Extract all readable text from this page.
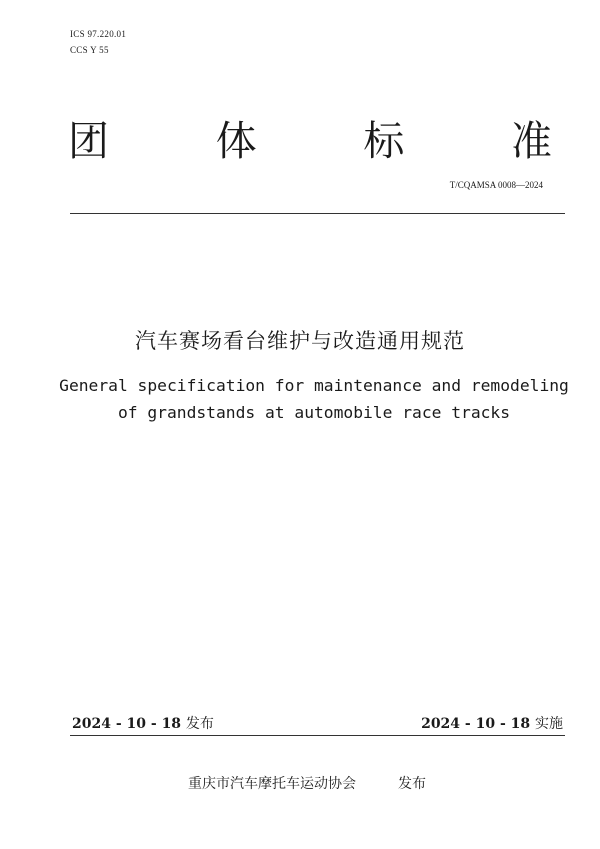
ICS 97.220.01
CCS Y 55
团	体	标	准
T/CQAMSA 0008—2024
汽车赛场看台维护与改造通用规范
General specification for maintenance and remodeling
of grandstands at automobile race tracks
2024 - 10 - 18 发布	2024 - 10 - 18 实施
重庆市汽车摩托车运动协会	发布
